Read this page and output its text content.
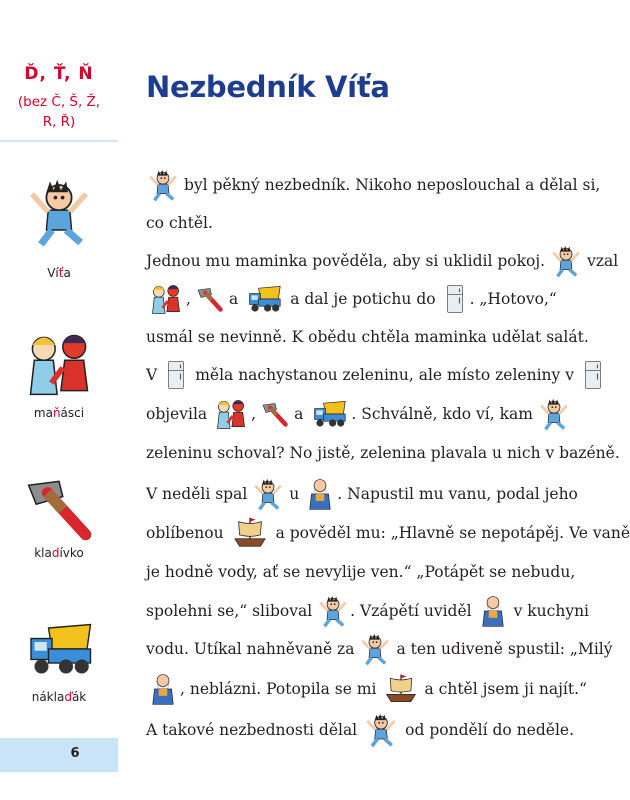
Ď, Ť, Ň
(bez Č, Š, Ž, R, Ř)
Víťa
maňásci
kladívko
náklaďák
6
Nezbedník Víťa
byl pěkný nezbedník. Nikoho neposlouchal a dělal si,
co chtěl.
Jednou mu maminka pověděla, aby si uklidil pokoj.	vzal
, a	a dal je potichu do . „Hotovo,“
usmál se nevinně. K obědu chtěla maminka udělat salát.
V měla nachystanou zeleninu, ale místo zeleniny v
objevila	, a	. Schválně, kdo ví, kam
zeleninu schoval? No jistě, zelenina plavala u nich v bazéně.
V neděli spal	u . Napustil mu vanu, podal jeho
oblíbenou	a pověděl mu: „Hlavně se nepotápěj. Ve vaně
je hodně vody, ať se nevylije ven.“ „Potápět se nebudu,
spolehni se,“ sliboval . Vzápětí uviděl	v kuchyni
vodu. Utíkal nahněvaně za	a ten udiveně spustil: „Milý
, neblázni. Potopila se mi	a chtěl jsem ji najít.“
A takové nezbednosti dělal	od pondělí do neděle.
